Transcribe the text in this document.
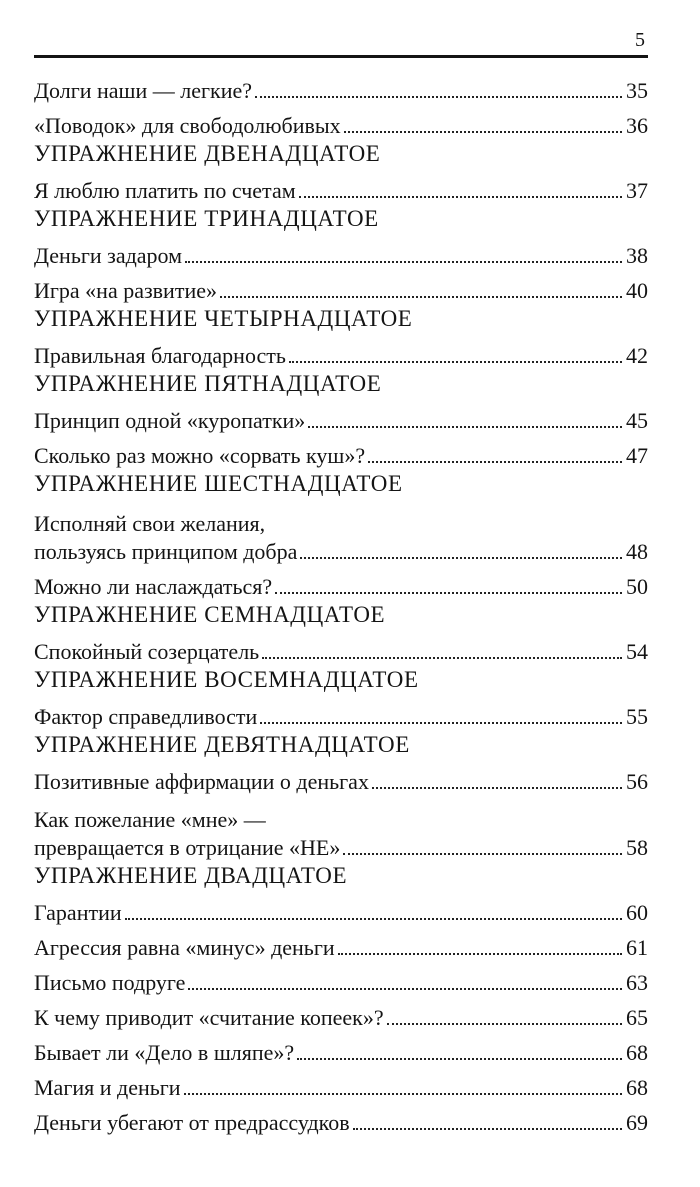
5
Долги наши — легкие?	35
«Поводок» для свободолюбивых	36
УПРАЖНЕНИЕ ДВЕНАДЦАТОЕ
Я люблю платить по счетам	37
УПРАЖНЕНИЕ ТРИНАДЦАТОЕ
Деньги задаром	38
Игра «на развитие»	40
УПРАЖНЕНИЕ ЧЕТЫРНАДЦАТОЕ
Правильная благодарность	42
УПРАЖНЕНИЕ ПЯТНАДЦАТОЕ
Принцип одной «куропатки»	45
Сколько раз можно «сорвать куш»?	47
УПРАЖНЕНИЕ ШЕСТНАДЦАТОЕ
Исполняй свои желания,
пользуясь принципом добра	48
Можно ли наслаждаться?	50
УПРАЖНЕНИЕ СЕМНАДЦАТОЕ
Спокойный созерцатель	54
УПРАЖНЕНИЕ ВОСЕМНАДЦАТОЕ
Фактор справедливости	55
УПРАЖНЕНИЕ ДЕВЯТНАДЦАТОЕ
Позитивные аффирмации о деньгах	56
Как пожелание «мне» —
превращается в отрицание «НЕ»	58
УПРАЖНЕНИЕ ДВАДЦАТОЕ
Гарантии	60
Агрессия равна «минус» деньги	61
Письмо подруге	63
К чему приводит «считание копеек»?	65
Бывает ли «Дело в шляпе»?	68
Магия и деньги	68
Деньги убегают от предрассудков	69
